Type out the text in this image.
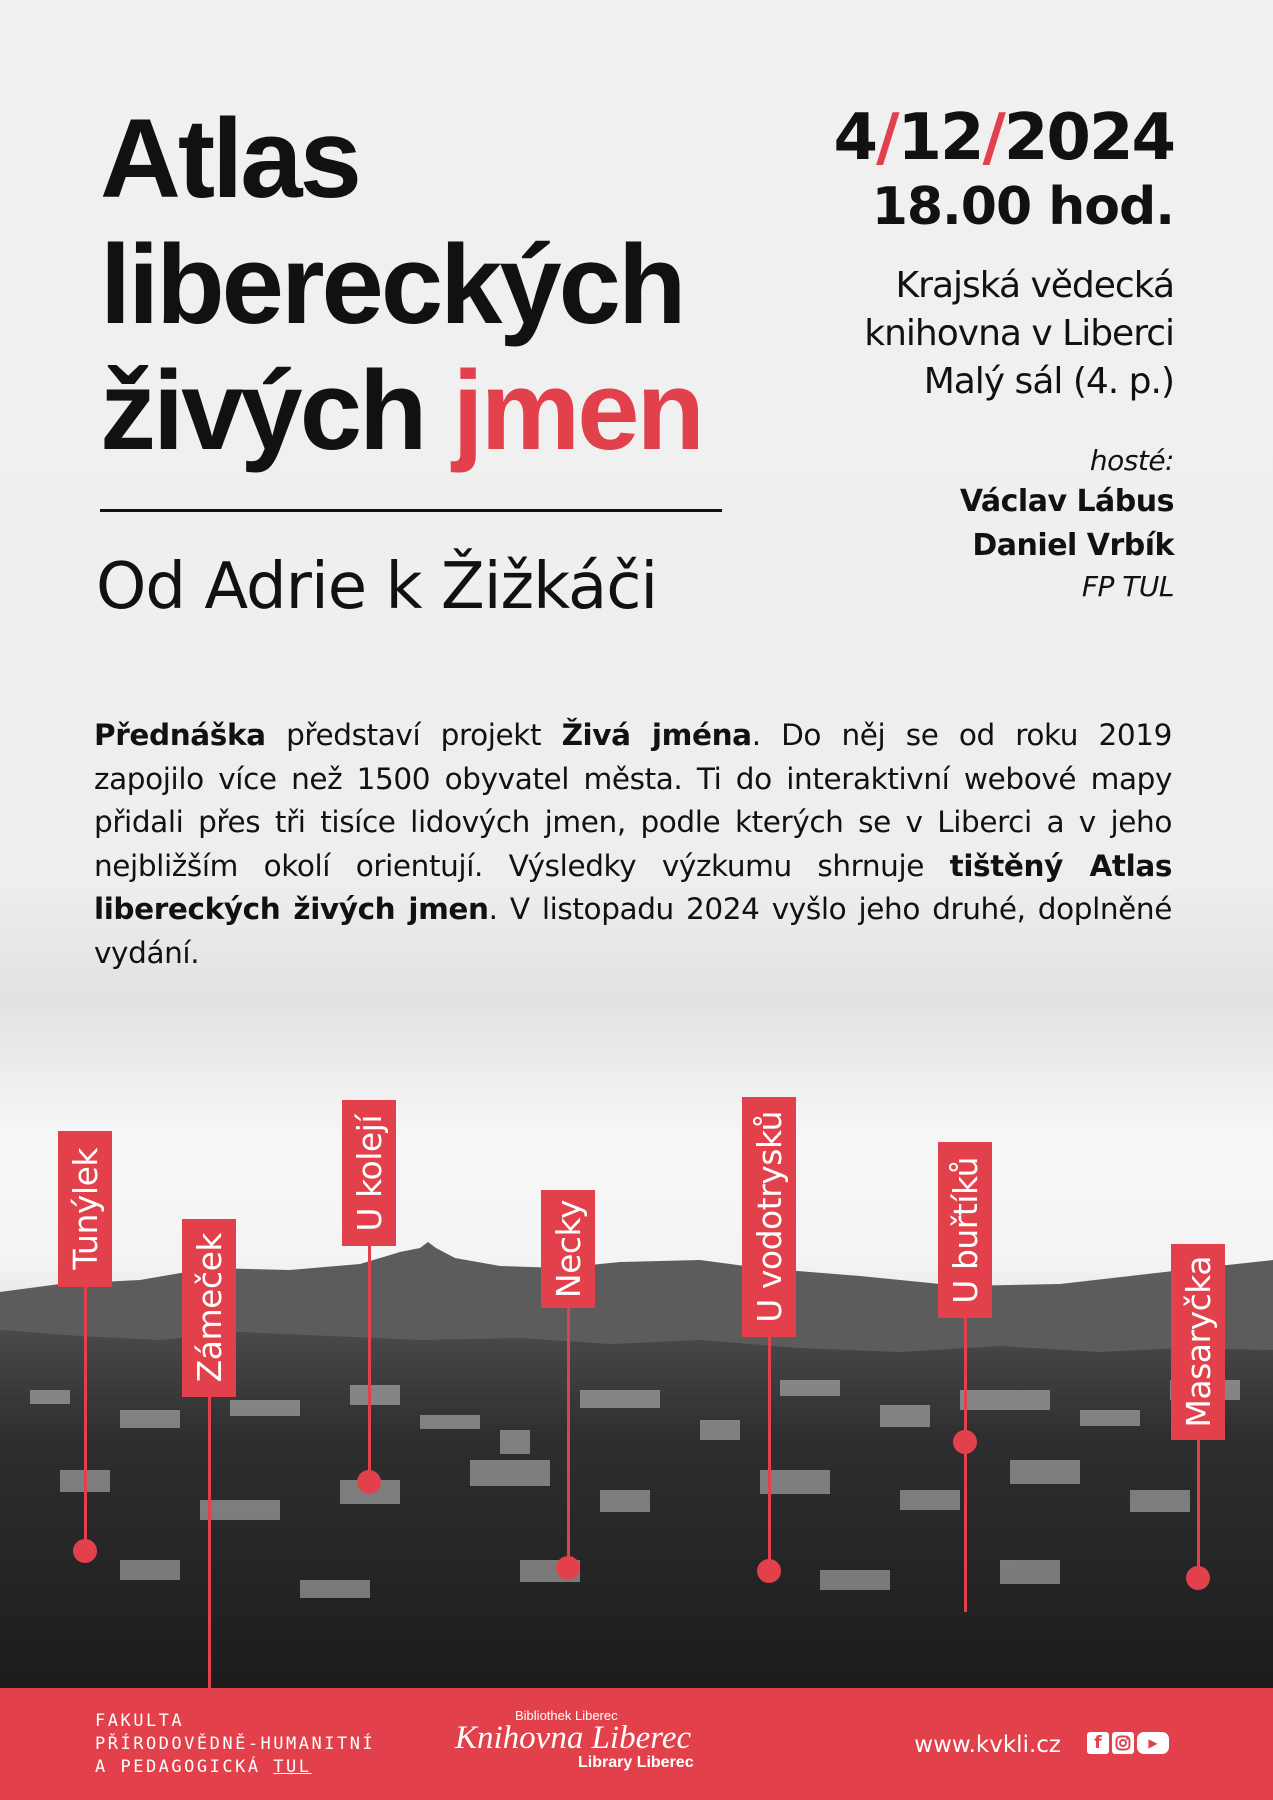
Atlas
libereckých
živých jmen
Od Adrie k Žižkáči
4/12/2024
18.00 hod.
Krajská vědecká
knihovna v Liberci
Malý sál (4. p.)
hosté:
Václav Lábus
Daniel Vrbík
FP TUL

Přednáška představí projekt Živá jména. Do něj se od roku 2019 zapojilo více než 1500 obyvatel města. Ti do interaktivní webové mapy přidali přes tři tisíce lidových jmen, podle kterých se v Liberci a v jeho nejbližším okolí orientují. Výsledky výzkumu shrnuje tištěný Atlas libereckých živých jmen. V listopadu 2024 vyšlo jeho druhé, doplněné vydání.

Tunýlek
Zámeček
U kolejí
Necky	U vodotrysků	U buřtíků
Masaryčka
FAKULTA
PŘÍRODOVĚDNĚ-HUMANITNÍ
A PEDAGOGICKÁ TUL
Bibliothek Liberec
Knihovna Liberec
Library Liberec
www.kvkli.cz	f	▶
